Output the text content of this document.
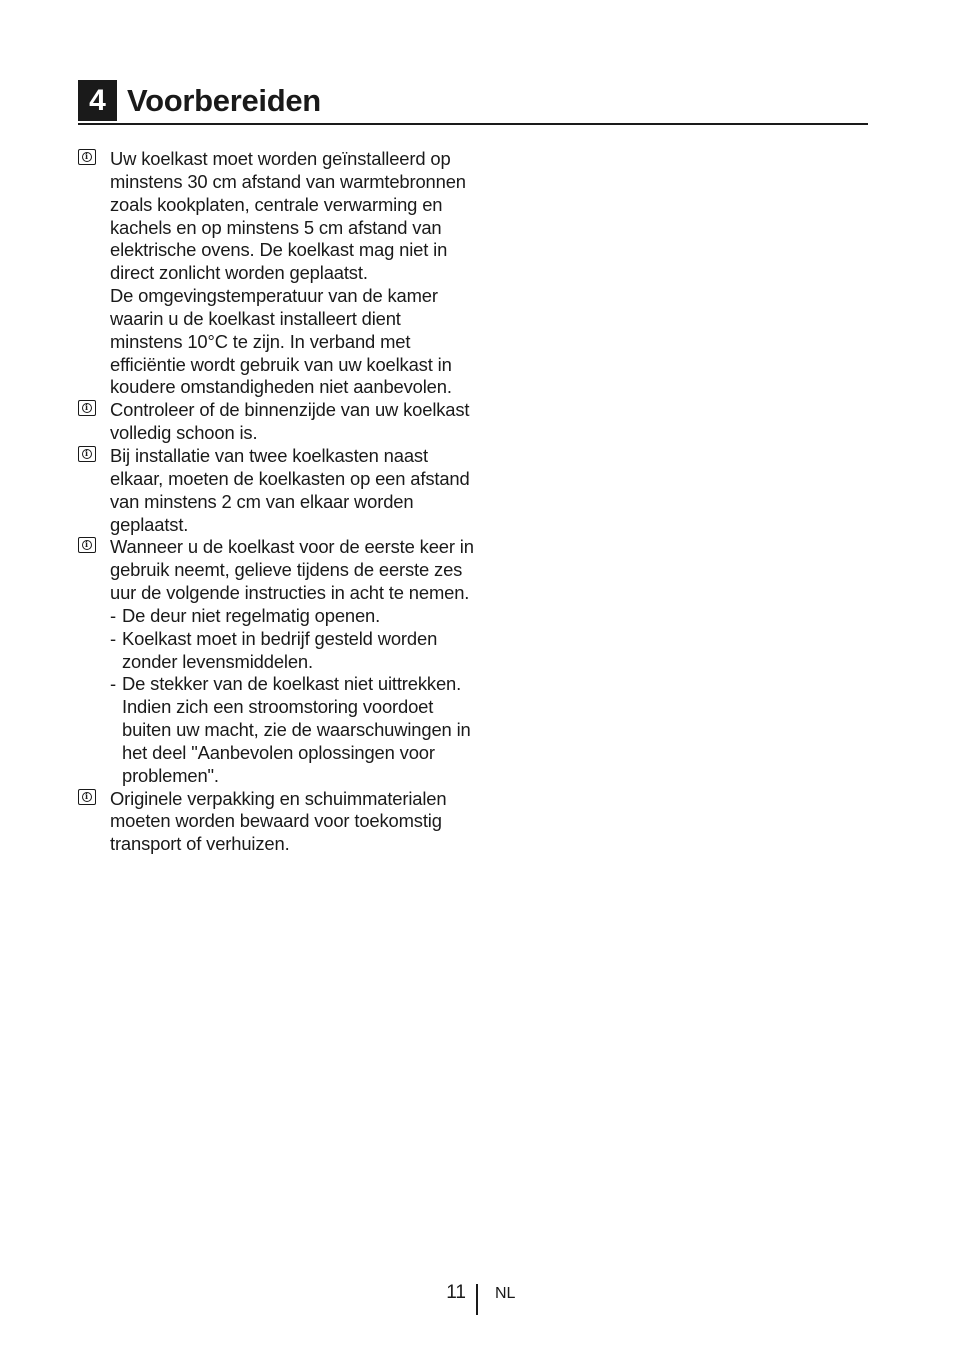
4 Voorbereiden
i
Uw koelkast moet worden geïnstalleerd op minstens 30 cm afstand van warmtebronnen zoals kookplaten, centrale verwarming en kachels en op minstens 5 cm afstand van elektrische ovens. De koelkast mag niet in direct zonlicht worden geplaatst.
De omgevingstemperatuur van de kamer waarin u de koelkast installeert dient minstens 10°C te zijn. In verband met efficiëntie wordt gebruik van uw koelkast in koudere omstandigheden niet aanbevolen.
i
Controleer of de binnenzijde van uw koelkast volledig schoon is.
i
Bij installatie van twee koelkasten naast elkaar, moeten de koelkasten op een afstand van minstens 2 cm van elkaar worden geplaatst.
i
Wanneer u de koelkast voor de eerste keer in gebruik neemt, gelieve tijdens de eerste zes uur de volgende instructies in acht te nemen.
- De deur niet regelmatig openen.
- Koelkast moet in bedrijf gesteld worden zonder levensmiddelen.
- De stekker van de koelkast niet uittrekken. Indien zich een stroomstoring voordoet buiten uw macht, zie de waarschuwingen in het deel "Aanbevolen oplossingen voor problemen".
i
Originele verpakking en schuimmaterialen moeten worden bewaard voor toekomstig transport of verhuizen.
11 NL
